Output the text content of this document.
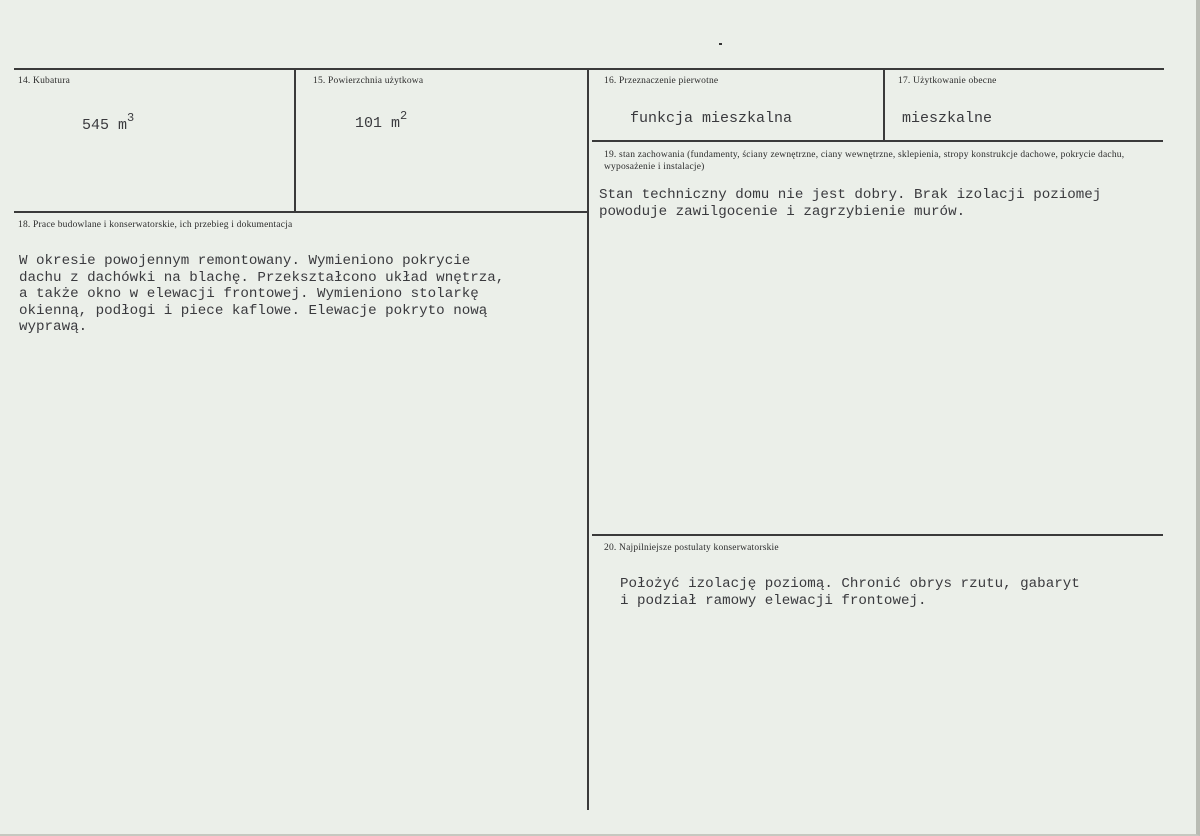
14. Kubatura
545 $m^3$
15. Powierzchnia użytkowa
101 $m^2$
16. Przeznaczenie pierwotne
funkcja mieszkalna
17. Użytkowanie obecne
mieszkalne
19. stan zachowania (fundamenty, ściany zewnętrzne, ciany wewnętrzne, sklepienia, stropy konstrukcje dachowe, pokrycie dachu, wyposażenie i instalacje)
Stan techniczny domu nie jest dobry. Brak izolacji poziomej
powoduje zawilgocenie i zagrzybienie murów.
18. Prace budowlane i konserwatorskie, ich przebieg i dokumentacja
W okresie powojennym remontowany. Wymieniono pokrycie
dachu z dachówki na blachę. Przekształcono układ wnętrza,
a także okno w elewacji frontowej. Wymieniono stolarkę
okienną, podłogi i piece kaflowe. Elewacje pokryto nową
wyprawą.
20. Najpilniejsze postulaty konserwatorskie
Położyć izolację poziomą. Chronić obrys rzutu, gabaryt
i podział ramowy elewacji frontowej.
